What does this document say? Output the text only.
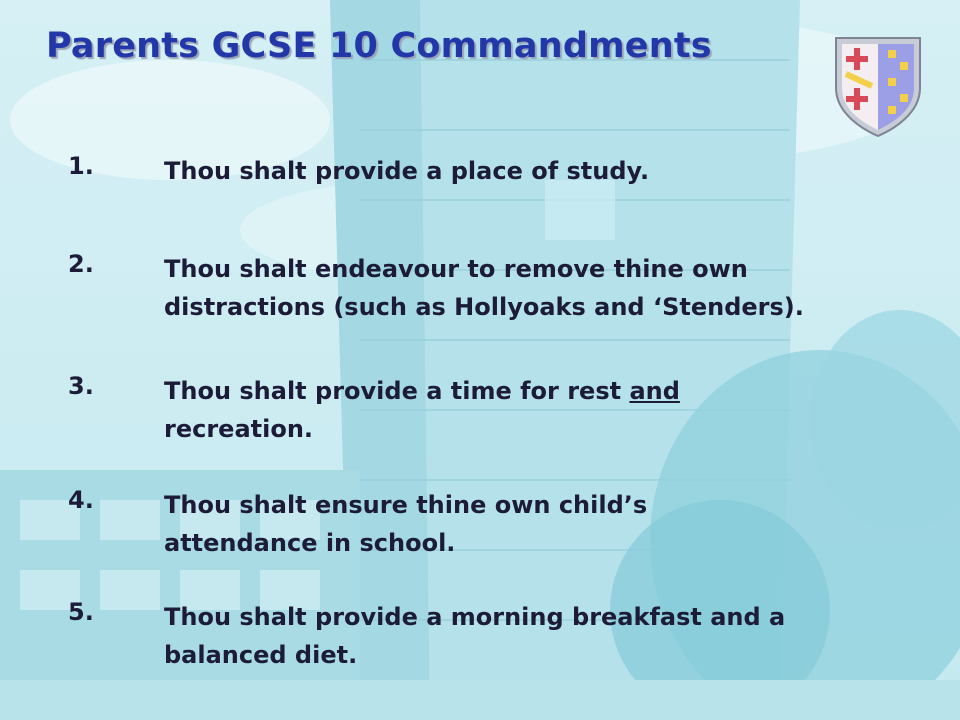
Parents GCSE 10 Commandments
1.	Thou shalt provide a place of study.
2.	Thou shalt endeavour to remove thine own
distractions (such as Hollyoaks and ‘Stenders).
3.	Thou shalt provide a time for rest and
recreation.
4.	Thou shalt ensure thine own child’s
attendance in school.
5.	Thou shalt provide a morning breakfast and a
balanced diet.
